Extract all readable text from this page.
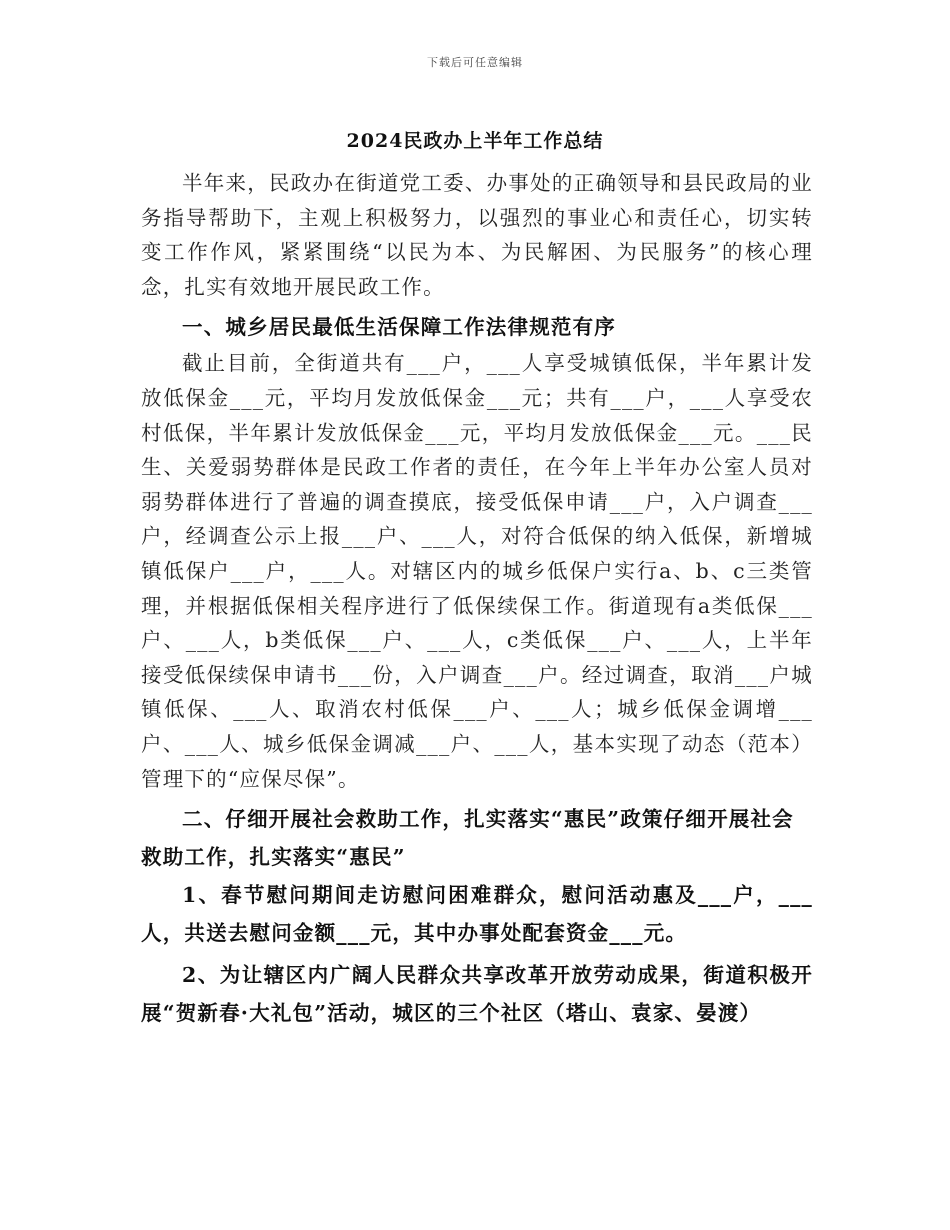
下载后可任意编辑
2024民政办上半年工作总结

半年来，民政办在街道党工委、办事处的正确领导和县民政局的业务指导帮助下，主观上积极努力，以强烈的事业心和责任心，切实转变工作作风，紧紧围绕“以民为本、为民解困、为民服务”的核心理念，扎实有效地开展民政工作。

一、城乡居民最低生活保障工作法律规范有序

截止目前，全街道共有___户，___人享受城镇低保，半年累计发放低保金___元，平均月发放低保金___元；共有___户，___人享受农村低保，半年累计发放低保金___元，平均月发放低保金___元。___民生、关爱弱势群体是民政工作者的责任，在今年上半年办公室人员对弱势群体进行了普遍的调查摸底，接受低保申请___户，入户调查___户，经调查公示上报___户、___人，对符合低保的纳入低保，新增城镇低保户___户，___人。对辖区内的城乡低保户实行a、b、c三类管理，并根据低保相关程序进行了低保续保工作。街道现有a类低保___户、___人，b类低保___户、___人，c类低保___户、___人，上半年接受低保续保申请书___份，入户调查___户。经过调查，取消___户城镇低保、___人、取消农村低保___户、___人；城乡低保金调增___户、___人、城乡低保金调减___户、___人，基本实现了动态（范本）管理下的“应保尽保”。

二、仔细开展社会救助工作，扎实落实“惠民”政策仔细开展社会救助工作，扎实落实“惠民”

1、春节慰问期间走访慰问困难群众，慰问活动惠及___户，___人，共送去慰问金额___元，其中办事处配套资金___元。

2、为让辖区内广阔人民群众共享改革开放劳动成果，街道积极开展“贺新春·大礼包”活动，城区的三个社区（塔山、袁家、晏渡）
